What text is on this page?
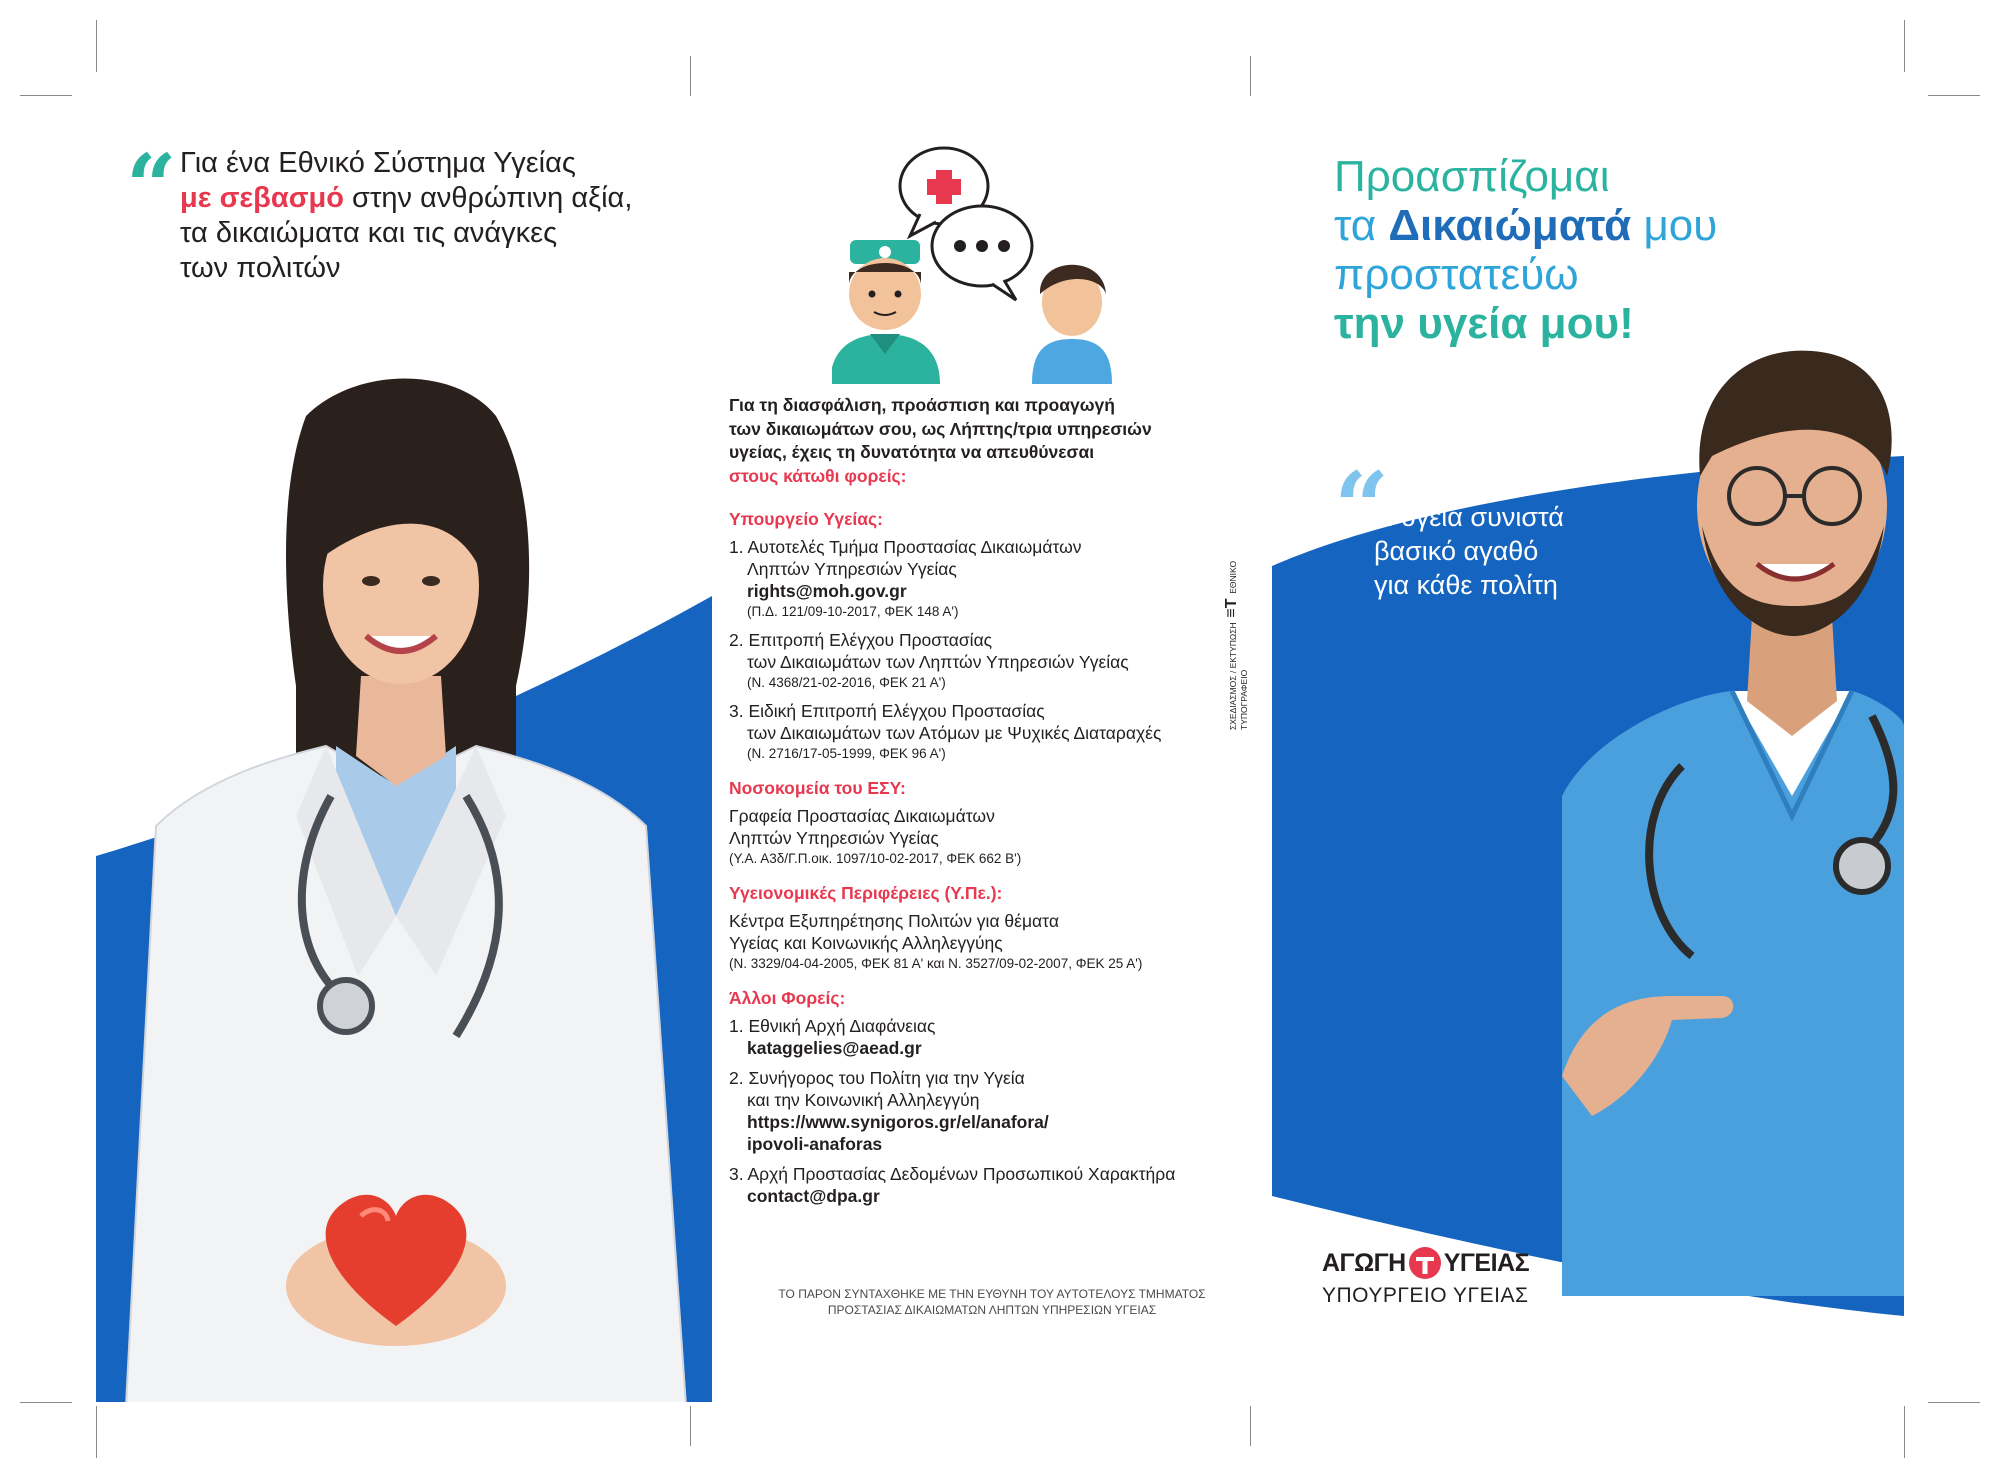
“ Για ένα Εθνικό Σύστημα Υγείας
με σεβασμό στην ανθρώπινη αξία,
τα δικαιώματα και τις ανάγκες
των πολιτών

Για τη διασφάλιση, προάσπιση και προαγωγή
των δικαιωμάτων σου, ως Λήπτης/τρια υπηρεσιών
υγείας, έχεις τη δυνατότητα να απευθύνεσαι
στους κάτωθι φορείς:
Υπουργείο Υγείας:
1. Αυτοτελές Τμήμα Προστασίας Δικαιωμάτων
Ληπτών Υπηρεσιών Υγείας
rights@moh.gov.gr
(Π.Δ. 121/09-10-2017, ΦΕΚ 148 Α')
2. Επιτροπή Ελέγχου Προστασίας
των Δικαιωμάτων των Ληπτών Υπηρεσιών Υγείας
(Ν. 4368/21-02-2016, ΦΕΚ 21 Α')
3. Ειδική Επιτροπή Ελέγχου Προστασίας
των Δικαιωμάτων των Ατόμων με Ψυχικές Διαταραχές
(Ν. 2716/17-05-1999, ΦΕΚ 96 Α')
Νοσοκομεία του ΕΣΥ:
Γραφεία Προστασίας Δικαιωμάτων
Ληπτών Υπηρεσιών Υγείας
(Υ.Α. Α3δ/Γ.Π.οικ. 1097/10-02-2017, ΦΕΚ 662 Β')
Υγειονομικές Περιφέρειες (Υ.Πε.):
Κέντρα Εξυπηρέτησης Πολιτών για θέματα
Υγείας και Κοινωνικής Αλληλεγγύης
(Ν. 3329/04-04-2005, ΦΕΚ 81 Α' και Ν. 3527/09-02-2007, ΦΕΚ 25 Α')
Άλλοι Φορείς:
1. Εθνική Αρχή Διαφάνειας
kataggelies@aead.gr
2. Συνήγορος του Πολίτη για την Υγεία
και την Κοινωνική Αλληλεγγύη
https://www.synigoros.gr/el/anafora/
ipovoli-anaforas
3. Αρχή Προστασίας Δεδομένων Προσωπικού Χαρακτήρα
contact@dpa.gr
ΤΟ ΠΑΡΟΝ ΣΥΝΤΑΧΘΗΚΕ ΜΕ ΤΗΝ ΕΥΘΥΝΗ ΤΟΥ ΑΥΤΟΤΕΛΟΥΣ ΤΜΗΜΑΤΟΣ
ΠΡΟΣΤΑΣΙΑΣ ΔΙΚΑΙΩΜΑΤΩΝ ΛΗΠΤΩΝ ΥΠΗΡΕΣΙΩΝ ΥΓΕΙΑΣ
ΣΧΕΔΙΑΣΜΟΣ / ΕΚΤΥΠΩΣΗ  ≡T  ΕΘΝΙΚΟ ΤΥΠΟΓΡΑΦΕΙΟ
Προασπίζομαι
τα Δικαιώματά μου
προστατεύω
την υγεία μου!
“

Η υγεία συνιστά
βασικό αγαθό
για κάθε πολίτη

ΑΓΩΓΗ ΥΓΕΙΑΣ
ΥΠΟΥΡΓΕΙΟ ΥΓΕΙΑΣ
